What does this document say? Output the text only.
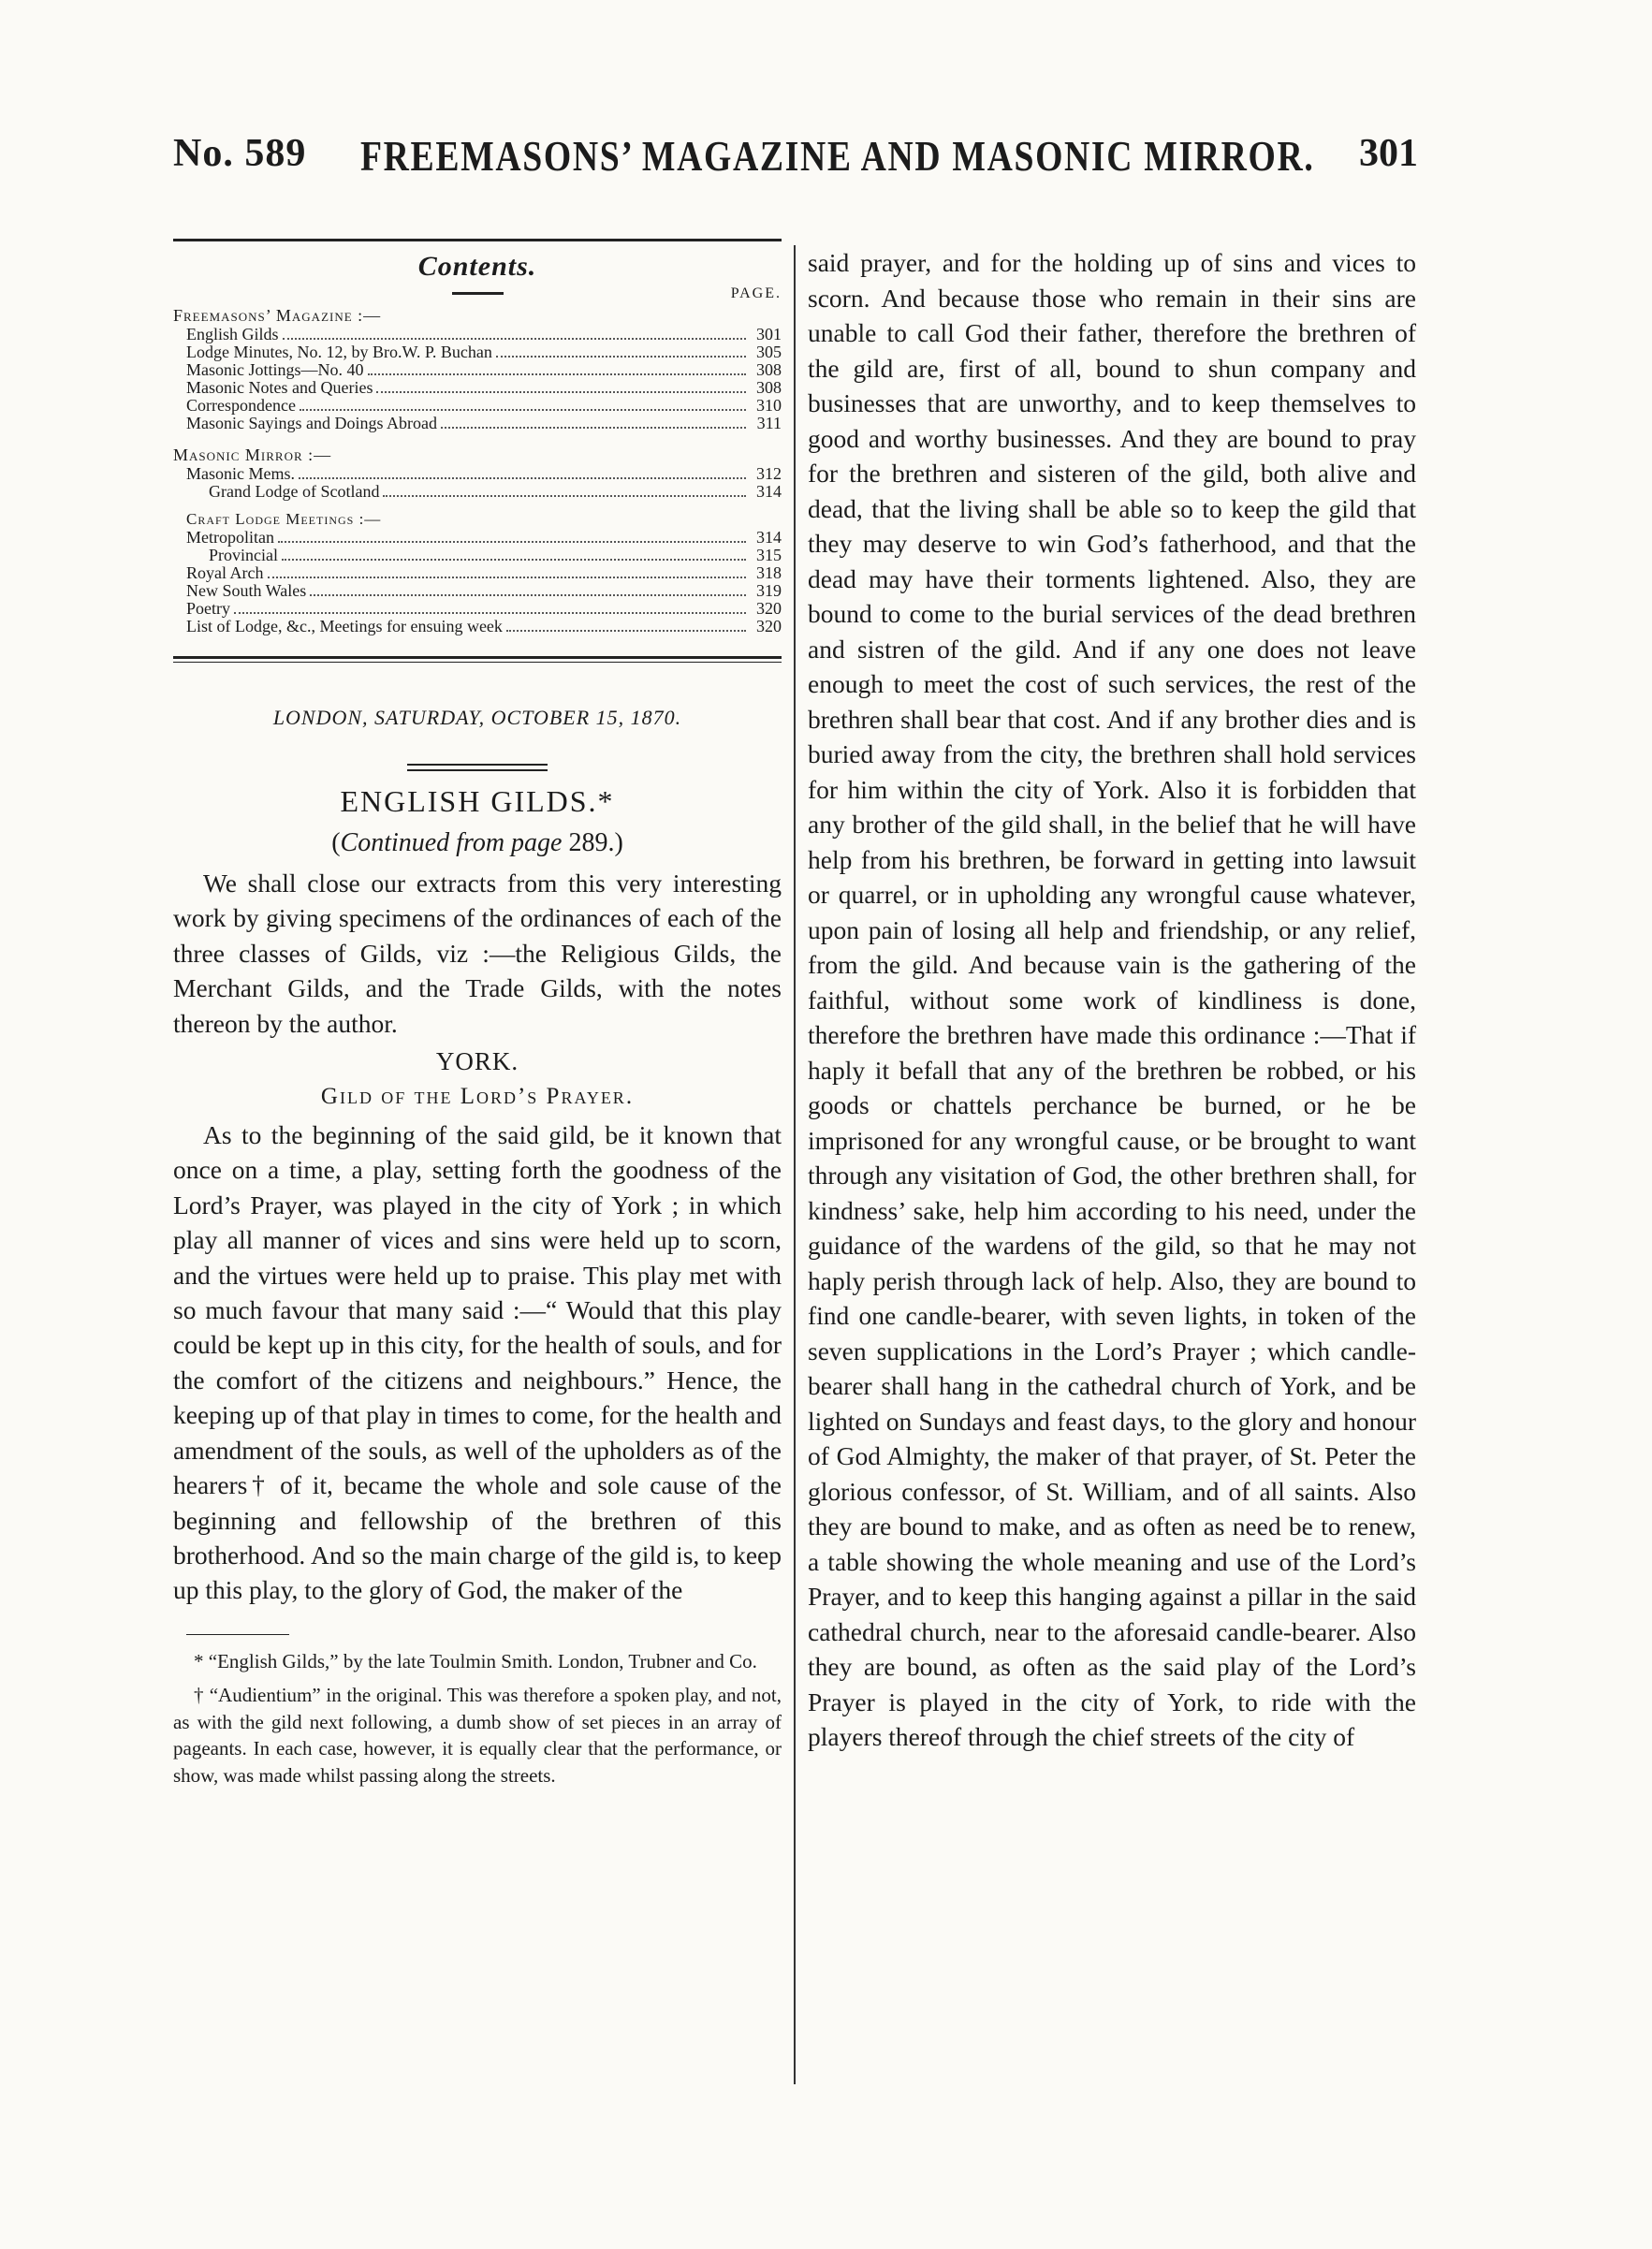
No. 589 FREEMASONS’ MAGAZINE AND MASONIC MIRROR. 301
Contents.
PAGE.
Freemasons’ Magazine :—
English Gilds	301
Lodge Minutes, No. 12, by Bro.W. P. Buchan	305
Masonic Jottings—No. 40	308
Masonic Notes and Queries	308
Correspondence	310
Masonic Sayings and Doings Abroad	311
Masonic Mirror :—
Masonic Mems.	312
Grand Lodge of Scotland	314
Craft Lodge Meetings :—
Metropolitan	314
Provincial	315
Royal Arch	318
New South Wales	319
Poetry	320
List of Lodge, &c., Meetings for ensuing week	320
LONDON, SATURDAY, OCTOBER 15, 1870.
ENGLISH GILDS.*
(Continued from page 289.)

We shall close our extracts from this very interesting work by giving specimens of the ordinances of each of the three classes of Gilds, viz :—the Religious Gilds, the Merchant Gilds, and the Trade Gilds, with the notes thereon by the author.

YORK.
Gild of the Lord’s Prayer.

As to the beginning of the said gild, be it known that once on a time, a play, setting forth the goodness of the Lord’s Prayer, was played in the city of York ; in which play all manner of vices and sins were held up to scorn, and the virtues were held up to praise. This play met with so much favour that many said :—“ Would that this play could be kept up in this city, for the health of souls, and for the comfort of the citizens and neighbours.” Hence, the keeping up of that play in times to come, for the health and amendment of the souls, as well of the upholders as of the hearers† of it, became the whole and sole cause of the beginning and fellowship of the brethren of this brotherhood. And so the main charge of the gild is, to keep up this play, to the glory of God, the maker of the

* “English Gilds,” by the late Toulmin Smith. London, Trubner and Co.

† “Audientium” in the original. This was therefore a spoken play, and not, as with the gild next following, a dumb show of set pieces in an array of pageants. In each case, however, it is equally clear that the performance, or show, was made whilst passing along the streets.

said prayer, and for the holding up of sins and vices to scorn. And because those who remain in their sins are unable to call God their father, therefore the brethren of the gild are, first of all, bound to shun company and businesses that are unworthy, and to keep themselves to good and worthy businesses. And they are bound to pray for the brethren and sisteren of the gild, both alive and dead, that the living shall be able so to keep the gild that they may deserve to win God’s fatherhood, and that the dead may have their torments lightened. Also, they are bound to come to the burial services of the dead brethren and sistren of the gild. And if any one does not leave enough to meet the cost of such services, the rest of the brethren shall bear that cost. And if any brother dies and is buried away from the city, the brethren shall hold services for him within the city of York. Also it is forbidden that any brother of the gild shall, in the belief that he will have help from his brethren, be forward in getting into lawsuit or quarrel, or in upholding any wrongful cause whatever, upon pain of losing all help and friendship, or any relief, from the gild. And because vain is the gathering of the faithful, without some work of kindliness is done, therefore the brethren have made this ordinance :—That if haply it befall that any of the brethren be robbed, or his goods or chattels perchance be burned, or he be imprisoned for any wrongful cause, or be brought to want through any visitation of God, the other brethren shall, for kindness’ sake, help him according to his need, under the guidance of the wardens of the gild, so that he may not haply perish through lack of help. Also, they are bound to find one candle-bearer, with seven lights, in token of the seven supplications in the Lord’s Prayer ; which candle-bearer shall hang in the cathedral church of York, and be lighted on Sundays and feast days, to the glory and honour of God Almighty, the maker of that prayer, of St. Peter the glorious confessor, of St. William, and of all saints. Also they are bound to make, and as often as need be to renew, a table showing the whole meaning and use of the Lord’s Prayer, and to keep this hanging against a pillar in the said cathedral church, near to the aforesaid candle-bearer. Also they are bound, as often as the said play of the Lord’s Prayer is played in the city of York, to ride with the players thereof through the chief streets of the city of
